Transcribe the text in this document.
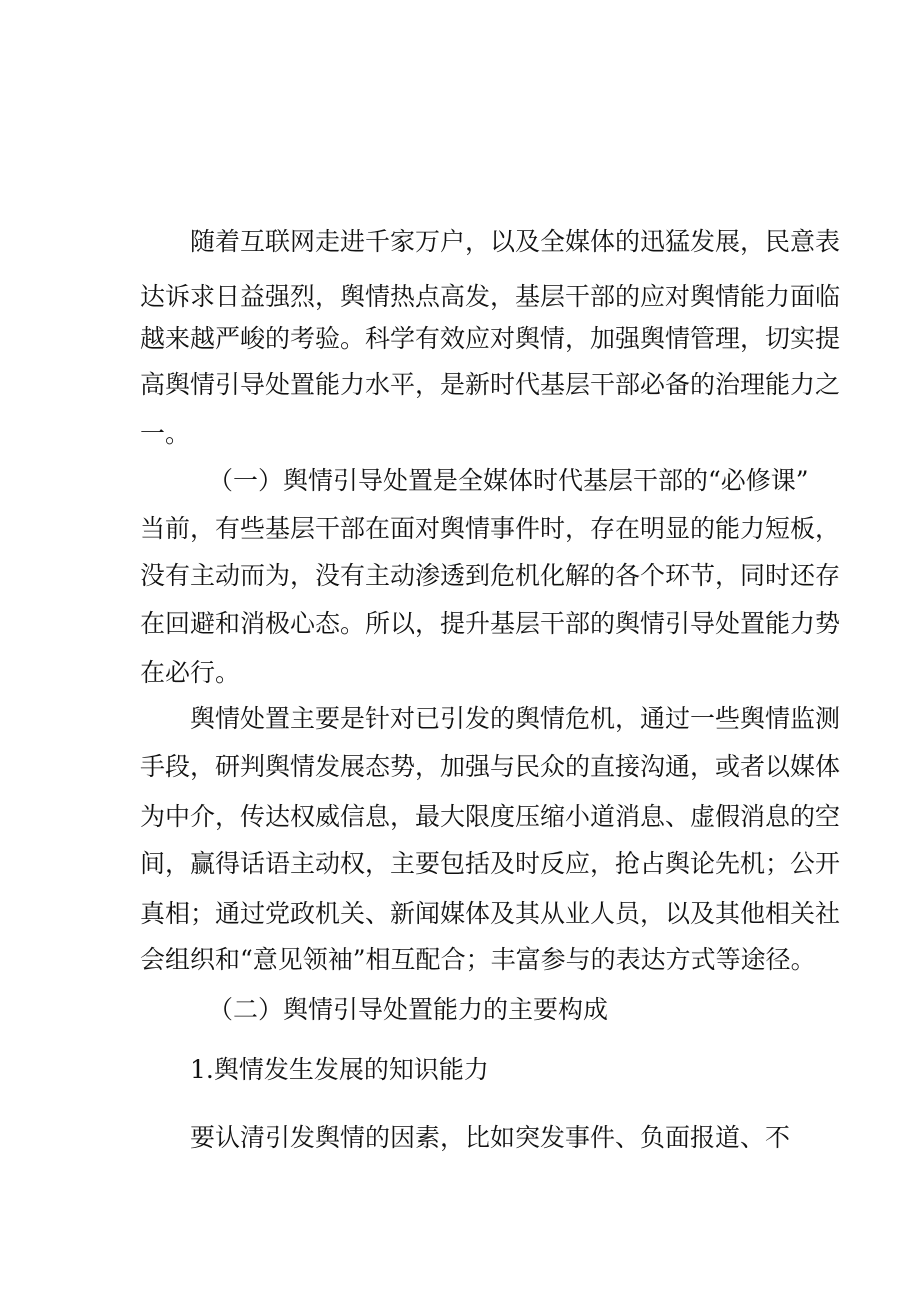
随着互联网走进千家万户，以及全媒体的迅猛发展，民意表
达诉求日益强烈，舆情热点高发，基层干部的应对舆情能力面临
越来越严峻的考验。科学有效应对舆情，加强舆情管理，切实提
高舆情引导处置能力水平，是新时代基层干部必备的治理能力之
一。
（一）舆情引导处置是全媒体时代基层干部的“必修课”
当前，有些基层干部在面对舆情事件时，存在明显的能力短板，
没有主动而为，没有主动渗透到危机化解的各个环节，同时还存
在回避和消极心态。所以，提升基层干部的舆情引导处置能力势
在必行。
舆情处置主要是针对已引发的舆情危机，通过一些舆情监测
手段，研判舆情发展态势，加强与民众的直接沟通，或者以媒体
为中介，传达权威信息，最大限度压缩小道消息、虚假消息的空
间，赢得话语主动权，主要包括及时反应，抢占舆论先机；公开
真相；通过党政机关、新闻媒体及其从业人员，以及其他相关社
会组织和“意见领袖”相互配合；丰富参与的表达方式等途径。
（二）舆情引导处置能力的主要构成
1.舆情发生发展的知识能力
要认清引发舆情的因素，比如突发事件、负面报道、不
